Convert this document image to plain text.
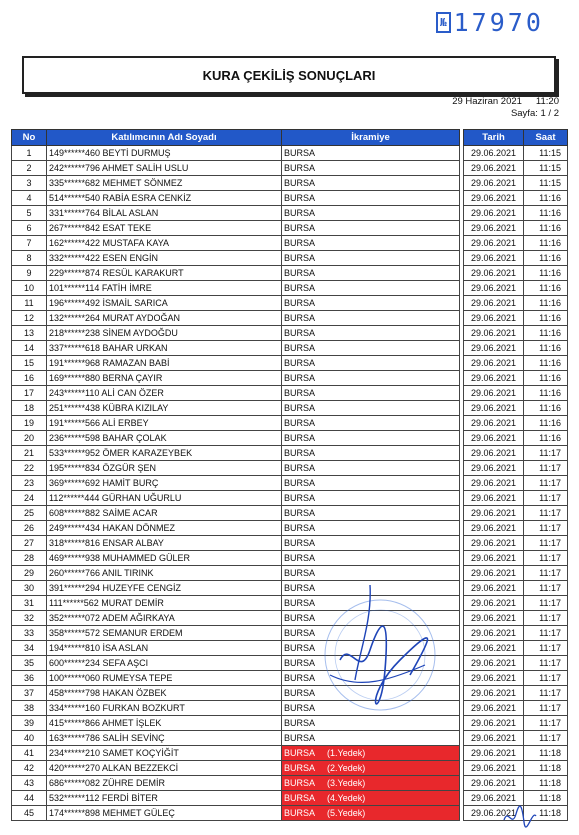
№ 17970
KURA ÇEKİLİŞ SONUÇLARI
29 Haziran 2021 11:20
Sayfa: 1 / 2
No	Katılımcının Adı Soyadı	İkramiye		Tarih	Saat
1	149******460 BEYTİ DURMUŞ	BURSA		29.06.2021	11:15
2	242******796 AHMET SALİH USLU	BURSA		29.06.2021	11:15
3	335******682 MEHMET SÖNMEZ	BURSA		29.06.2021	11:15
4	514******540 RABİA ESRA CENKİZ	BURSA		29.06.2021	11:16
5	331******764 BİLAL ASLAN	BURSA		29.06.2021	11:16
6	267******842 ESAT TEKE	BURSA		29.06.2021	11:16
7	162******422 MUSTAFA KAYA	BURSA		29.06.2021	11:16
8	332******422 ESEN ENGİN	BURSA		29.06.2021	11:16
9	229******874 RESÜL KARAKURT	BURSA		29.06.2021	11:16
10	101******114 FATİH İMRE	BURSA		29.06.2021	11:16
11	196******492 İSMAİL SARICA	BURSA		29.06.2021	11:16
12	132******264 MURAT AYDOĞAN	BURSA		29.06.2021	11:16
13	218******238 SİNEM AYDOĞDU	BURSA		29.06.2021	11:16
14	337******618 BAHAR URKAN	BURSA		29.06.2021	11:16
15	191******968 RAMAZAN BABİ	BURSA		29.06.2021	11:16
16	169******880 BERNA ÇAYIR	BURSA		29.06.2021	11:16
17	243******110 ALİ CAN ÖZER	BURSA		29.06.2021	11:16
18	251******438 KÜBRA KIZILAY	BURSA		29.06.2021	11:16
19	191******566 ALİ ERBEY	BURSA		29.06.2021	11:16
20	236******598 BAHAR ÇOLAK	BURSA		29.06.2021	11:16
21	533******952 ÖMER KARAZEYBEK	BURSA		29.06.2021	11:17
22	195******834 ÖZGÜR ŞEN	BURSA		29.06.2021	11:17
23	369******692 HAMİT BURÇ	BURSA		29.06.2021	11:17
24	112******444 GÜRHAN UĞURLU	BURSA		29.06.2021	11:17
25	608******882 SAİME ACAR	BURSA		29.06.2021	11:17
26	249******434 HAKAN DÖNMEZ	BURSA		29.06.2021	11:17
27	318******816 ENSAR ALBAY	BURSA		29.06.2021	11:17
28	469******938 MUHAMMED GÜLER	BURSA		29.06.2021	11:17
29	260******766 ANIL TIRINK	BURSA		29.06.2021	11:17
30	391******294 HUZEYFE CENGİZ	BURSA		29.06.2021	11:17
31	111******562 MURAT DEMİR	BURSA		29.06.2021	11:17
32	352******072 ADEM AĞIRKAYA	BURSA		29.06.2021	11:17
33	358******572 SEMANUR ERDEM	BURSA		29.06.2021	11:17
34	194******810 İSA ASLAN	BURSA		29.06.2021	11:17
35	600******234 SEFA AŞCI	BURSA		29.06.2021	11:17
36	100******060 RUMEYSA TEPE	BURSA		29.06.2021	11:17
37	458******798 HAKAN ÖZBEK	BURSA		29.06.2021	11:17
38	334******160 FURKAN BOZKURT	BURSA		29.06.2021	11:17
39	415******866 AHMET İŞLEK	BURSA		29.06.2021	11:17
40	163******786 SALİH SEVİNÇ	BURSA		29.06.2021	11:17
41	234******210 SAMET KOÇYİĞİT	BURSA (1.Yedek)		29.06.2021	11:18
42	420******270 ALKAN BEZZEKCİ	BURSA (2.Yedek)		29.06.2021	11:18
43	686******082 ZÜHRE DEMİR	BURSA (3.Yedek)		29.06.2021	11:18
44	532******112 FERDİ BİTER	BURSA (4.Yedek)		29.06.2021	11:18
45	174******898 MEHMET GÜLEÇ	BURSA (5.Yedek)		29.06.2021	11:18
